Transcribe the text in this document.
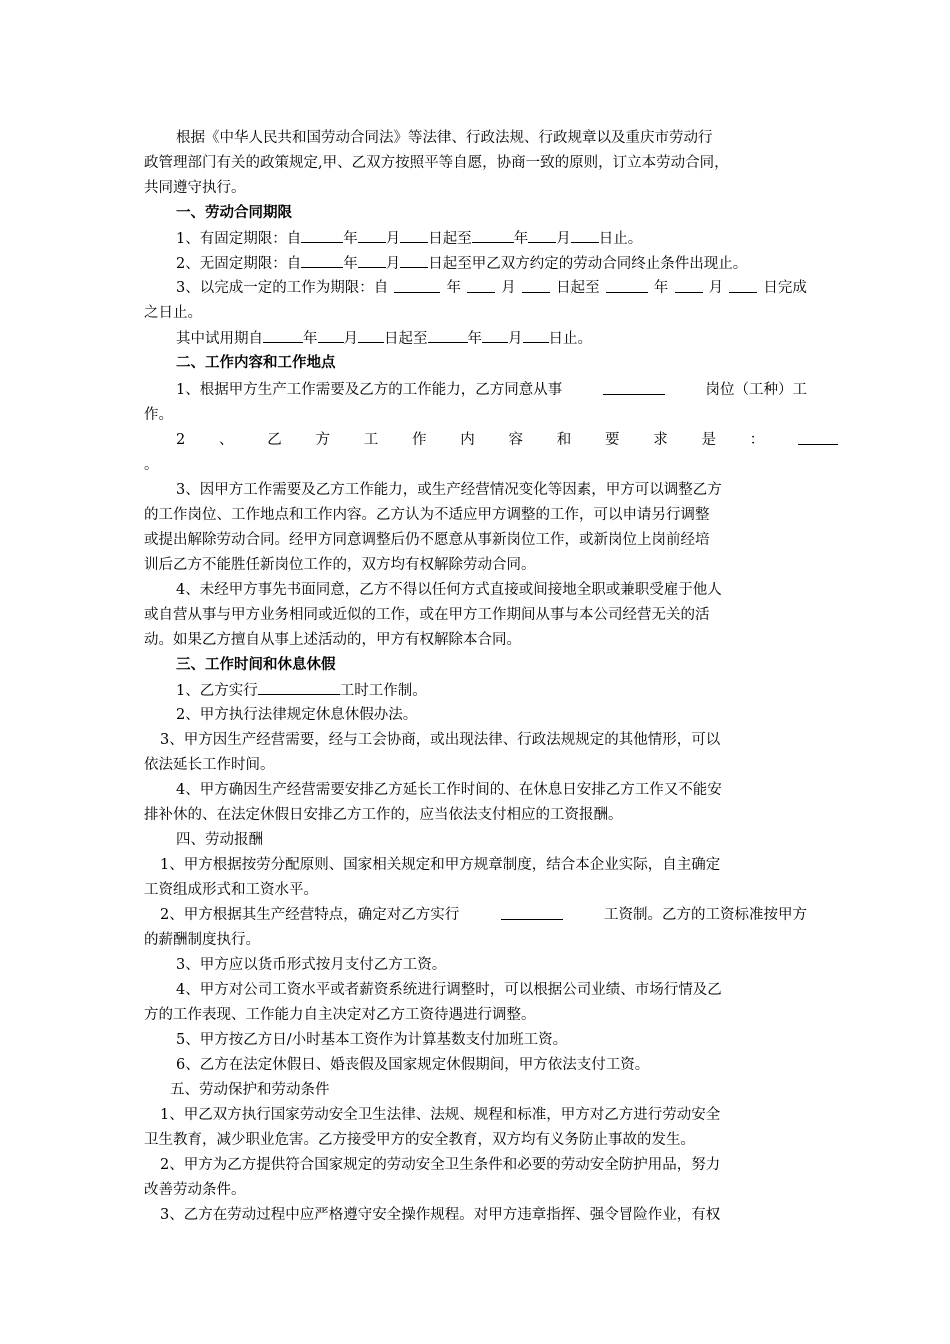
根据《中华人民共和国劳动合同法》等法律、行政法规、行政规章以及重庆市劳动行
政管理部门有关的政策规定,甲、乙双方按照平等自愿，协商一致的原则，订立本劳动合同，
共同遵守执行。
一、劳动合同期限
1、有固定期限：自	年 月 日起至	年 月 日止。
2、无固定期限：自	年 月 日起至甲乙双方约定的劳动合同终止条件出现止。
3、以完成一定的工作为期限：自	年	月	日起至	年	月	日完成
之日止。
其中试用期自	年 月 日起至	年 月 日止。
二、工作内容和工作地点
1、根据甲方生产工作需要及乙方的工作能力，乙方同意从事	岗位（工种）工
作。
2 、 乙 方 工 作 内 容 和 要 求 是 ：
。
3、因甲方工作需要及乙方工作能力，或生产经营情况变化等因素，甲方可以调整乙方
的工作岗位、工作地点和工作内容。乙方认为不适应甲方调整的工作，可以申请另行调整
或提出解除劳动合同。经甲方同意调整后仍不愿意从事新岗位工作，或新岗位上岗前经培
训后乙方不能胜任新岗位工作的，双方均有权解除劳动合同。
4、未经甲方事先书面同意，乙方不得以任何方式直接或间接地全职或兼职受雇于他人
或自营从事与甲方业务相同或近似的工作，或在甲方工作期间从事与本公司经营无关的活
动。如果乙方擅自从事上述活动的，甲方有权解除本合同。
三、工作时间和休息休假
1、乙方实行	工时工作制。
2、甲方执行法律规定休息休假办法。
3、甲方因生产经营需要，经与工会协商，或出现法律、行政法规规定的其他情形，可以
依法延长工作时间。
4、甲方确因生产经营需要安排乙方延长工作时间的、在休息日安排乙方工作又不能安
排补休的、在法定休假日安排乙方工作的，应当依法支付相应的工资报酬。
四、劳动报酬
1、甲方根据按劳分配原则、国家相关规定和甲方规章制度，结合本企业实际，自主确定
工资组成形式和工资水平。
2、甲方根据其生产经营特点，确定对乙方实行	工资制。乙方的工资标准按甲方
的薪酬制度执行。
3、甲方应以货币形式按月支付乙方工资。
4、甲方对公司工资水平或者薪资系统进行调整时，可以根据公司业绩、市场行情及乙
方的工作表现、工作能力自主决定对乙方工资待遇进行调整。
5、甲方按乙方日/小时基本工资作为计算基数支付加班工资。
6、乙方在法定休假日、婚丧假及国家规定休假期间，甲方依法支付工资。
五、劳动保护和劳动条件
1、甲乙双方执行国家劳动安全卫生法律、法规、规程和标准，甲方对乙方进行劳动安全
卫生教育，减少职业危害。乙方接受甲方的安全教育，双方均有义务防止事故的发生。
2、甲方为乙方提供符合国家规定的劳动安全卫生条件和必要的劳动安全防护用品，努力
改善劳动条件。
3、乙方在劳动过程中应严格遵守安全操作规程。对甲方违章指挥、强令冒险作业，有权
